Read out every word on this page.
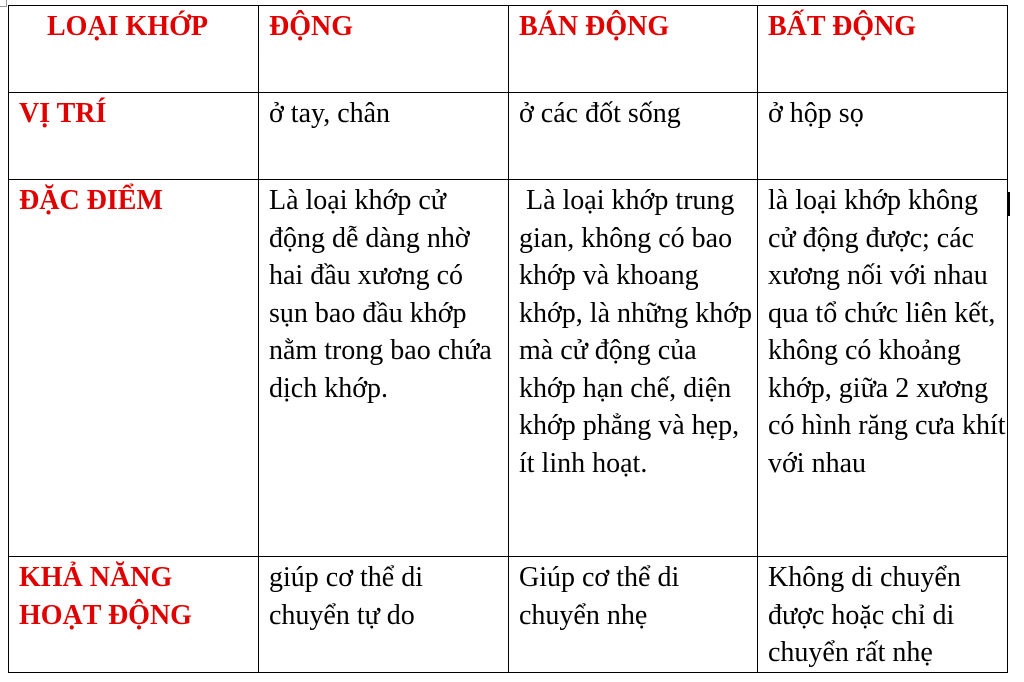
LOẠI KHỚP	ĐỘNG	BÁN ĐỘNG	BẤT ĐỘNG
VỊ TRÍ	ở tay, chân	ở các đốt sống	ở hộp sọ

ĐẶC ĐIỂM	Là loại khớp cử động dễ dàng nhờ hai đầu xương có sụn bao đầu khớp nằm trong bao chứa dịch khớp.	Là loại khớp trung gian, không có bao khớp và khoang khớp, là những khớp mà cử động của khớp hạn chế, diện khớp phẳng và hẹp, ít linh hoạt.	là loại khớp không cử động được; các xương nối với nhau qua tổ chức liên kết, không có khoảng khớp, giữa 2 xương có hình răng cưa khít với nhau

KHẢ NĂNG HOẠT ĐỘNG	giúp cơ thể di chuyển tự do	Giúp cơ thể di chuyển nhẹ	Không di chuyển được hoặc chỉ di chuyển rất nhẹ
